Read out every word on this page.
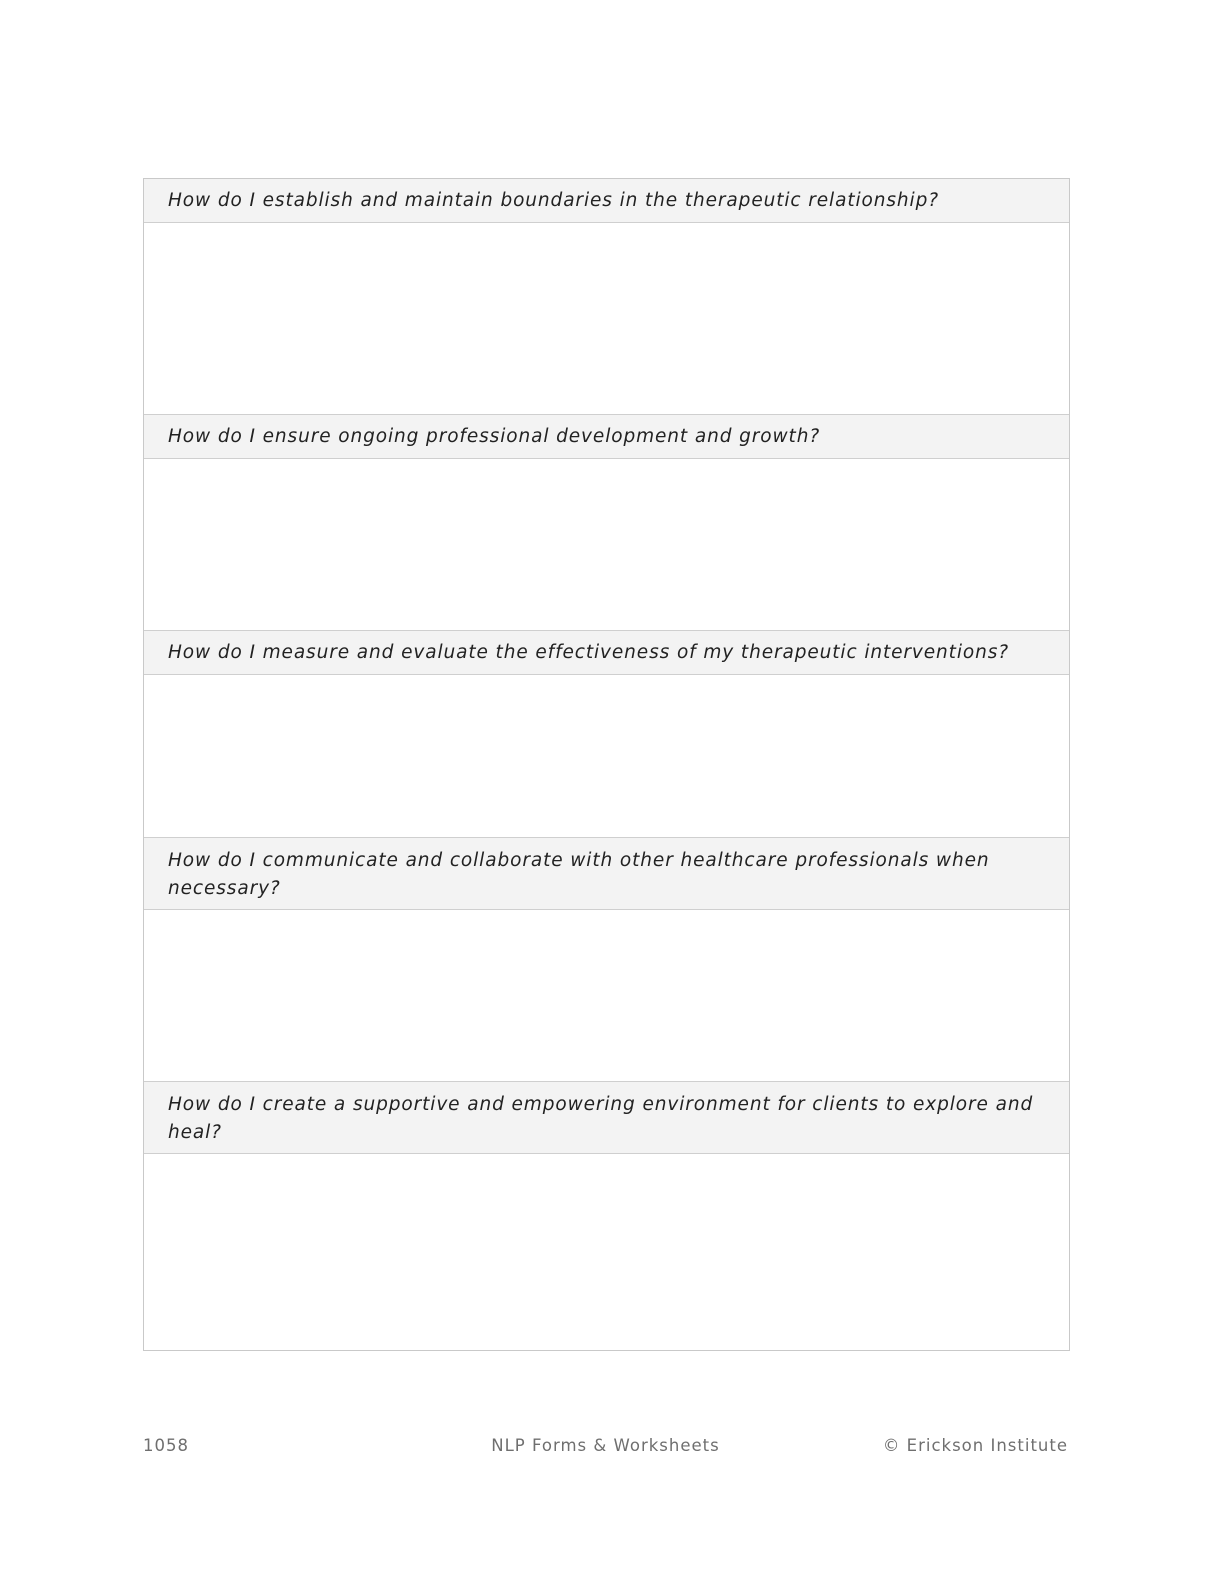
How do I establish and maintain boundaries in the therapeutic relationship?
How do I ensure ongoing professional development and growth?
How do I measure and evaluate the effectiveness of my therapeutic interventions?
How do I communicate and collaborate with other healthcare professionals when necessary?
How do I create a supportive and empowering environment for clients to explore and heal?
1058	NLP Forms & Worksheets	© Erickson Institute
